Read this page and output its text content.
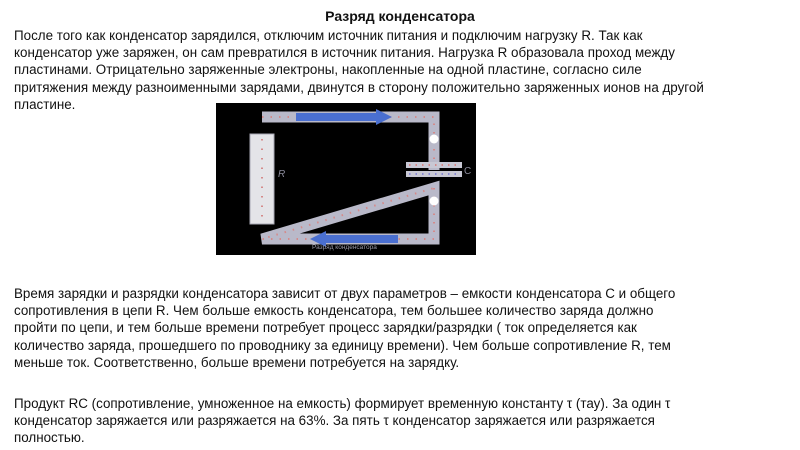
Разряд конденсатора
После того как конденсатор зарядился, отключим источник питания и подключим нагрузку R. Так как
конденсатор уже заряжен, он сам превратился в источник питания. Нагрузка R образовала проход между
пластинами. Отрицательно заряженные электроны, накопленные на одной пластине, согласно силе
притяжения между разноименными зарядами, двинутся в сторону положительно заряженных ионов на другой
пластине.
R	C
Разряд конденсатора
Время зарядки и разрядки конденсатора зависит от двух параметров – емкости конденсатора C и общего
сопротивления в цепи R. Чем больше емкость конденсатора, тем большее количество заряда должно
пройти по цепи, и тем больше времени потребует процесс зарядки/разрядки ( ток определяется как
количество заряда, прошедшего по проводнику за единицу времени). Чем больше сопротивление R, тем
меньше ток. Соответственно, больше времени потребуется на зарядку.
Продукт RC (сопротивление, умноженное на емкость) формирует временную константу τ (тау). За один τ
конденсатор заряжается или разряжается на 63%. За пять τ конденсатор заряжается или разряжается
полностью.
